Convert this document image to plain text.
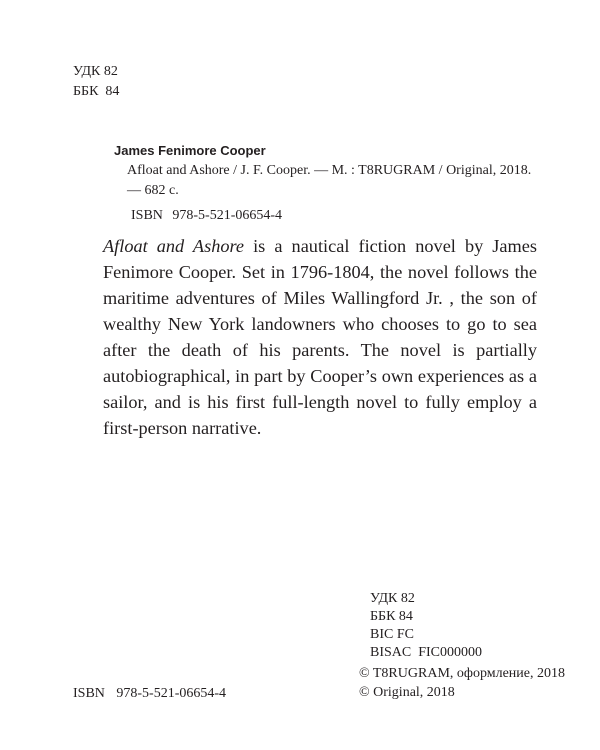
УДК 82
ББК  84
James Fenimore Cooper
Afloat and Ashore / J. F. Cooper. — M. : T8RUGRAM / Original, 2018. — 682 c.
ISBN 978-5-521-06654-4
Afloat and Ashore is a nautical fiction novel by James Fenimore Cooper. Set in 1796-1804, the novel follows the maritime adventures of Miles Wallingford Jr. , the son of wealthy New York landowners who chooses to go to sea after the death of his parents. The novel is partially autobiographical, in part by Cooper’s own experiences as a sailor, and is his first full-length novel to fully employ a first-person narrative.
УДК 82
ББК 84
BIC FC
BISAC  FIC000000
© T8RUGRAM, оформление, 2018
© Original, 2018
ISBN 978-5-521-06654-4
